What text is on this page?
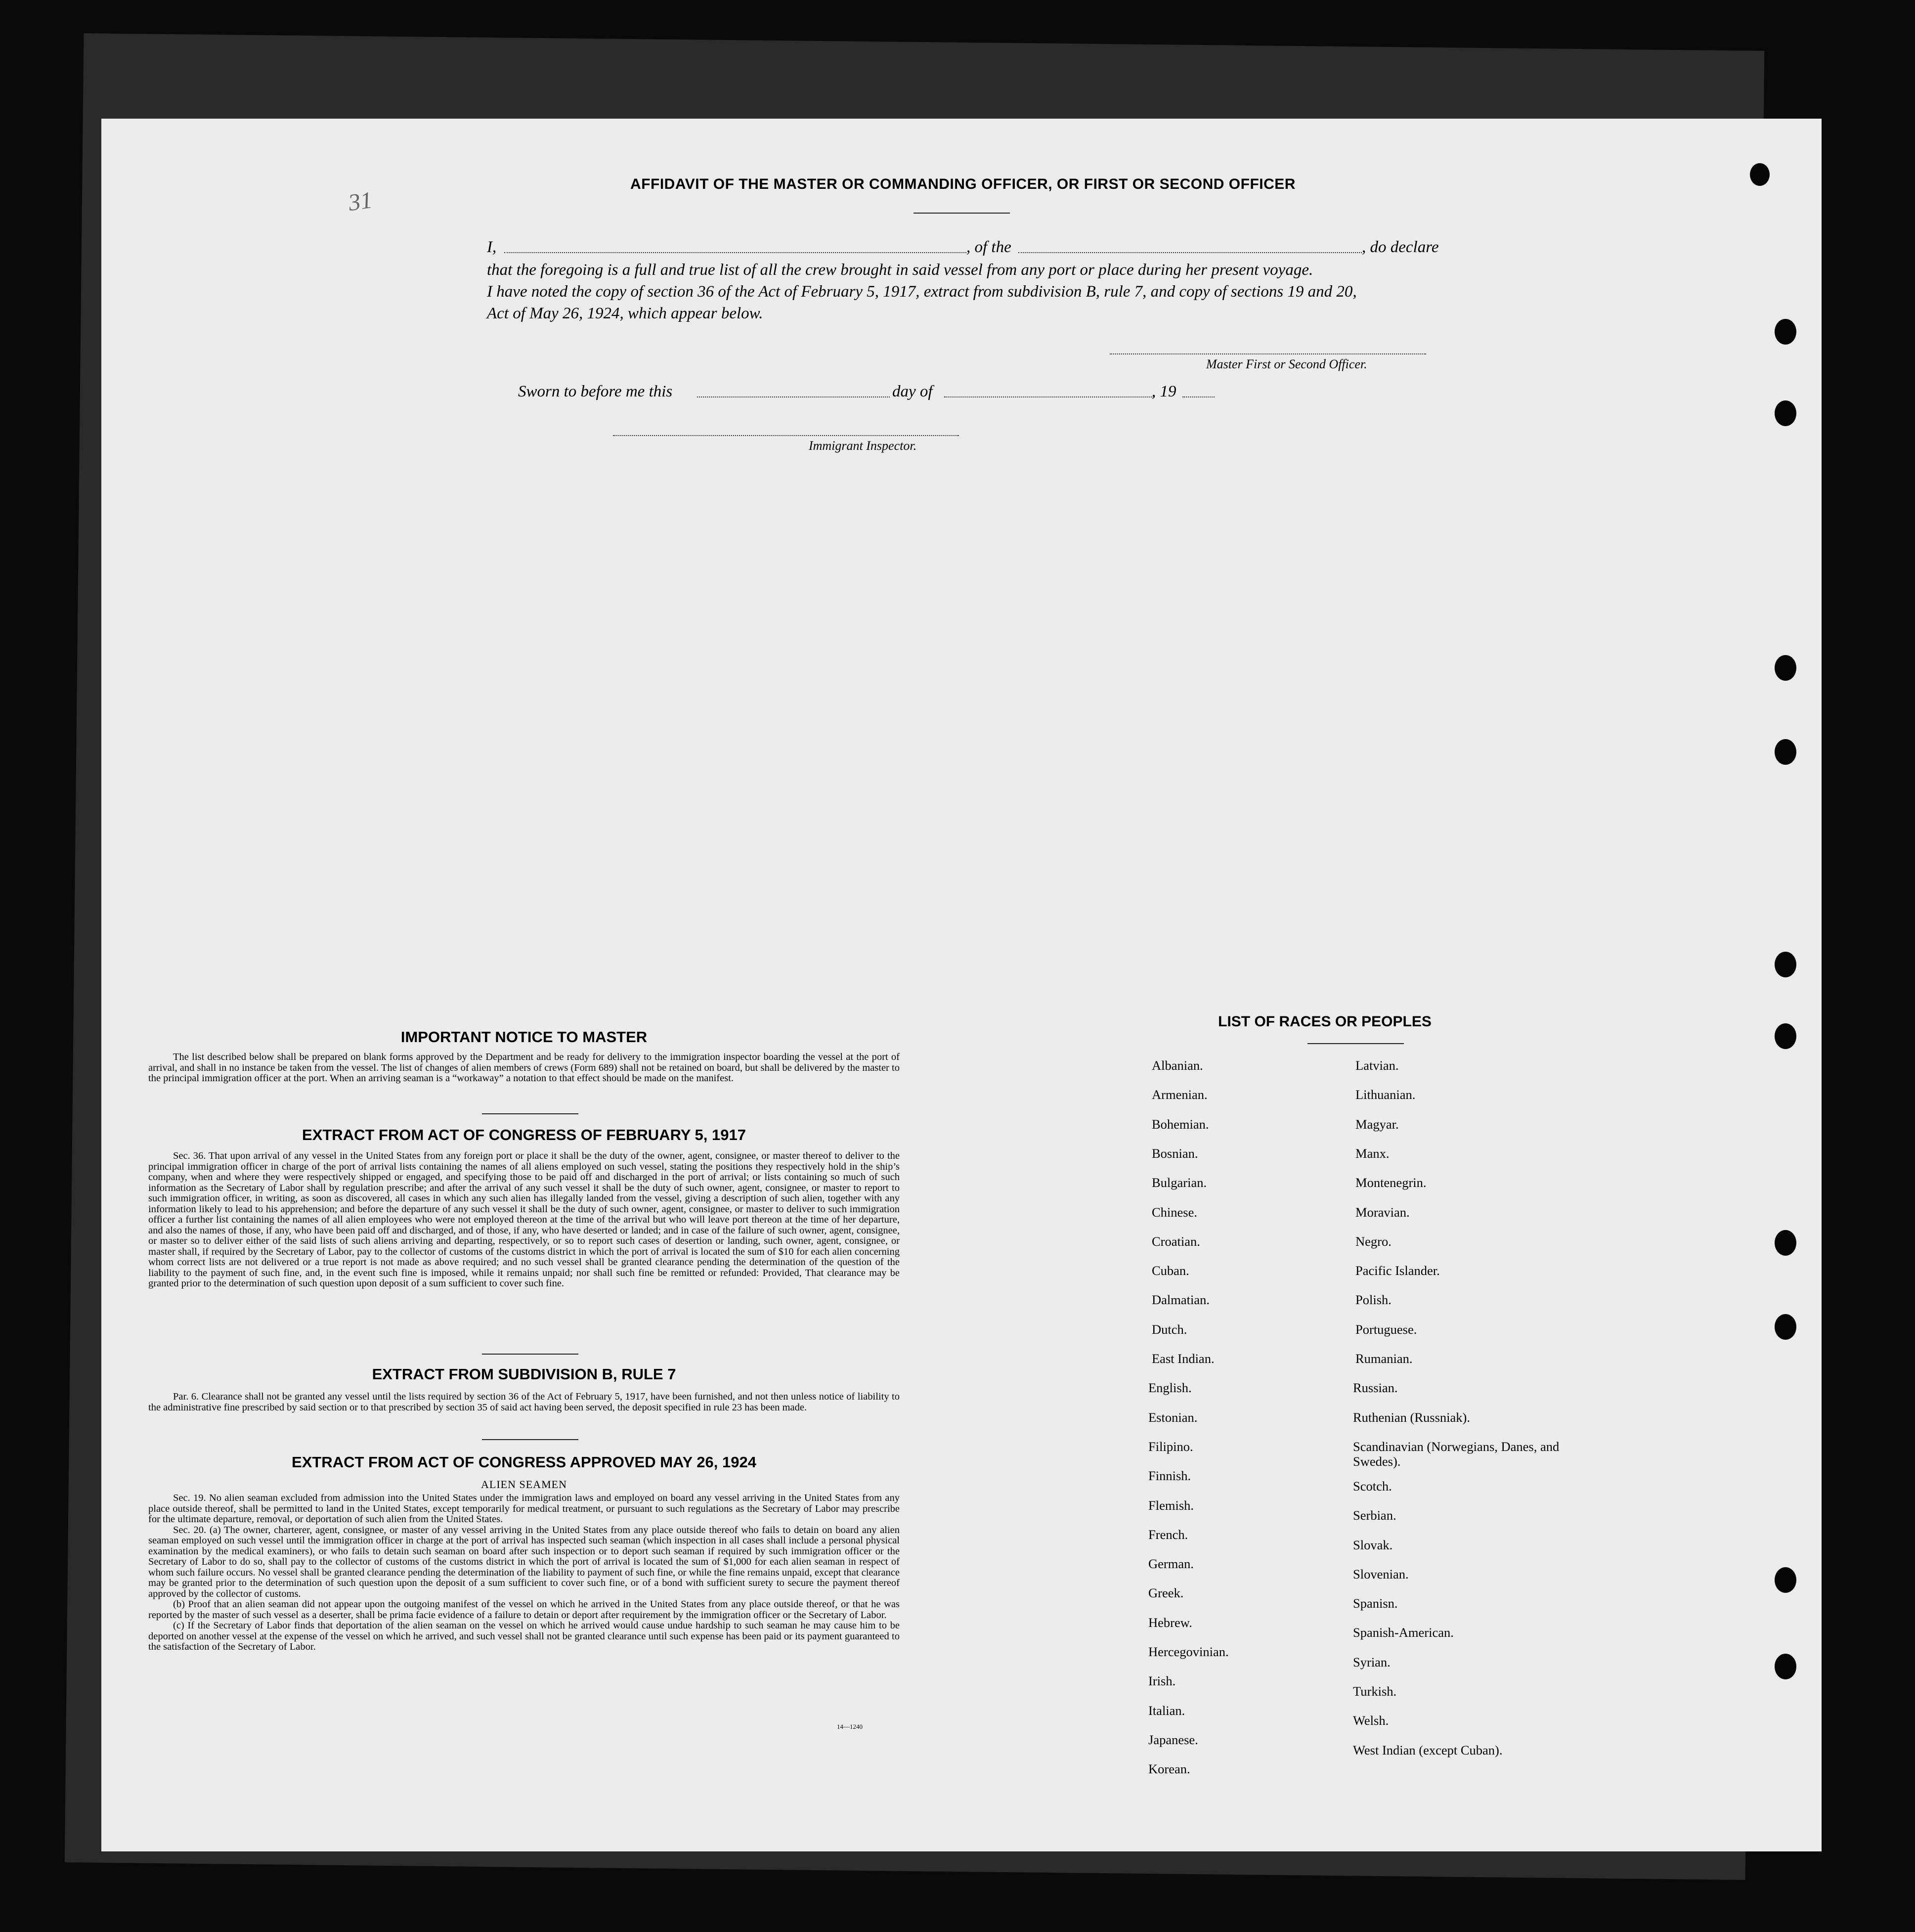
31
AFFIDAVIT OF THE MASTER OR COMMANDING OFFICER, OR FIRST OR SECOND OFFICER
I,	, of the	, do declare
that the foregoing is a full and true list of all the crew brought in said vessel from any port or place during her present voyage.
I have noted the copy of section 36 of the Act of February 5, 1917, extract from subdivision B, rule 7, and copy of sections 19 and 20,
Act of May 26, 1924, which appear below.
Master First or Second Officer.
Sworn to before me this	day of	, 19
Immigrant Inspector.
IMPORTANT NOTICE TO MASTER

The list described below shall be prepared on blank forms approved by the Department and be ready for delivery to the immigration inspector boarding the vessel at the port of arrival, and shall in no instance be taken from the vessel. The list of changes of alien members of crews (Form 689) shall not be retained on board, but shall be delivered by the master to the principal immigration officer at the port. When an arriving seaman is a “workaway” a notation to that effect should be made on the manifest.

EXTRACT FROM ACT OF CONGRESS OF FEBRUARY 5, 1917

Sec. 36. That upon arrival of any vessel in the United States from any foreign port or place it shall be the duty of the owner, agent, consignee, or master thereof to deliver to the principal immigration officer in charge of the port of arrival lists containing the names of all aliens employed on such vessel, stating the positions they respectively hold in the ship’s company, when and where they were respectively shipped or engaged, and specifying those to be paid off and discharged in the port of arrival; or lists containing so much of such information as the Secretary of Labor shall by regulation prescribe; and after the arrival of any such vessel it shall be the duty of such owner, agent, consignee, or master to report to such immigration officer, in writing, as soon as discovered, all cases in which any such alien has illegally landed from the vessel, giving a description of such alien, together with any information likely to lead to his apprehension; and before the departure of any such vessel it shall be the duty of such owner, agent, consignee, or master to deliver to such immigration officer a further list containing the names of all alien employees who were not employed thereon at the time of the arrival but who will leave port thereon at the time of her departure, and also the names of those, if any, who have been paid off and discharged, and of those, if any, who have deserted or landed; and in case of the failure of such owner, agent, consignee, or master so to deliver either of the said lists of such aliens arriving and departing, respectively, or so to report such cases of desertion or landing, such owner, agent, consignee, or master shall, if required by the Secretary of Labor, pay to the collector of customs of the customs district in which the port of arrival is located the sum of $10 for each alien concerning whom correct lists are not delivered or a true report is not made as above required; and no such vessel shall be granted clearance pending the determination of the question of the liability to the payment of such fine, and, in the event such fine is imposed, while it remains unpaid; nor shall such fine be remitted or refunded: Provided, That clearance may be granted prior to the determination of such question upon deposit of a sum sufficient to cover such fine.

EXTRACT FROM SUBDIVISION B, RULE 7

Par. 6. Clearance shall not be granted any vessel until the lists required by section 36 of the Act of February 5, 1917, have been furnished, and not then unless notice of liability to the administrative fine prescribed by said section or to that prescribed by section 35 of said act having been served, the deposit specified in rule 23 has been made.

EXTRACT FROM ACT OF CONGRESS APPROVED MAY 26, 1924
ALIEN SEAMEN

Sec. 19. No alien seaman excluded from admission into the United States under the immigration laws and employed on board any vessel arriving in the United States from any place outside thereof, shall be permitted to land in the United States, except temporarily for medical treatment, or pursuant to such regulations as the Secretary of Labor may prescribe for the ultimate departure, removal, or deportation of such alien from the United States.

Sec. 20. (a) The owner, charterer, agent, consignee, or master of any vessel arriving in the United States from any place outside thereof who fails to detain on board any alien seaman employed on such vessel until the immigration officer in charge at the port of arrival has inspected such seaman (which inspection in all cases shall include a personal physical examination by the medical examiners), or who fails to detain such seaman on board after such inspection or to deport such seaman if required by such immigration officer or the Secretary of Labor to do so, shall pay to the collector of customs of the customs district in which the port of arrival is located the sum of $1,000 for each alien seaman in respect of whom such failure occurs. No vessel shall be granted clearance pending the determination of the liability to payment of such fine, or while the fine remains unpaid, except that clearance may be granted prior to the determination of such question upon the deposit of a sum sufficient to cover such fine, or of a bond with sufficient surety to secure the payment thereof approved by the collector of customs.

(b) Proof that an alien seaman did not appear upon the outgoing manifest of the vessel on which he arrived in the United States from any place outside thereof, or that he was reported by the master of such vessel as a deserter, shall be prima facie evidence of a failure to detain or deport after requirement by the immigration officer or the Secretary of Labor.

(c) If the Secretary of Labor finds that deportation of the alien seaman on the vessel on which he arrived would cause undue hardship to such seaman he may cause him to be deported on another vessel at the expense of the vessel on which he arrived, and such vessel shall not be granted clearance until such expense has been paid or its payment guaranteed to the satisfaction of the Secretary of Labor.

14—1240
LIST OF RACES OR PEOPLES
Albanian.
Armenian.
Bohemian.
Bosnian.
Bulgarian.
Chinese.
Croatian.
Cuban.
Dalmatian.
Dutch.
East Indian.
English.
Estonian.
Filipino.
Finnish.
Flemish.
French.
German.
Greek.
Hebrew.
Hercegovinian.
Irish.
Italian.
Japanese.
Korean.
Latvian.
Lithuanian.
Magyar.
Manx.
Montenegrin.
Moravian.
Negro.
Pacific Islander.
Polish.
Portuguese.
Rumanian.
Russian.
Ruthenian (Russniak).
Scandinavian (Norwegians, Danes, and Swedes).
Scotch.
Serbian.
Slovak.
Slovenian.
Spanisn.
Spanish-American.
Syrian.
Turkish.
Welsh.
West Indian (except Cuban).
